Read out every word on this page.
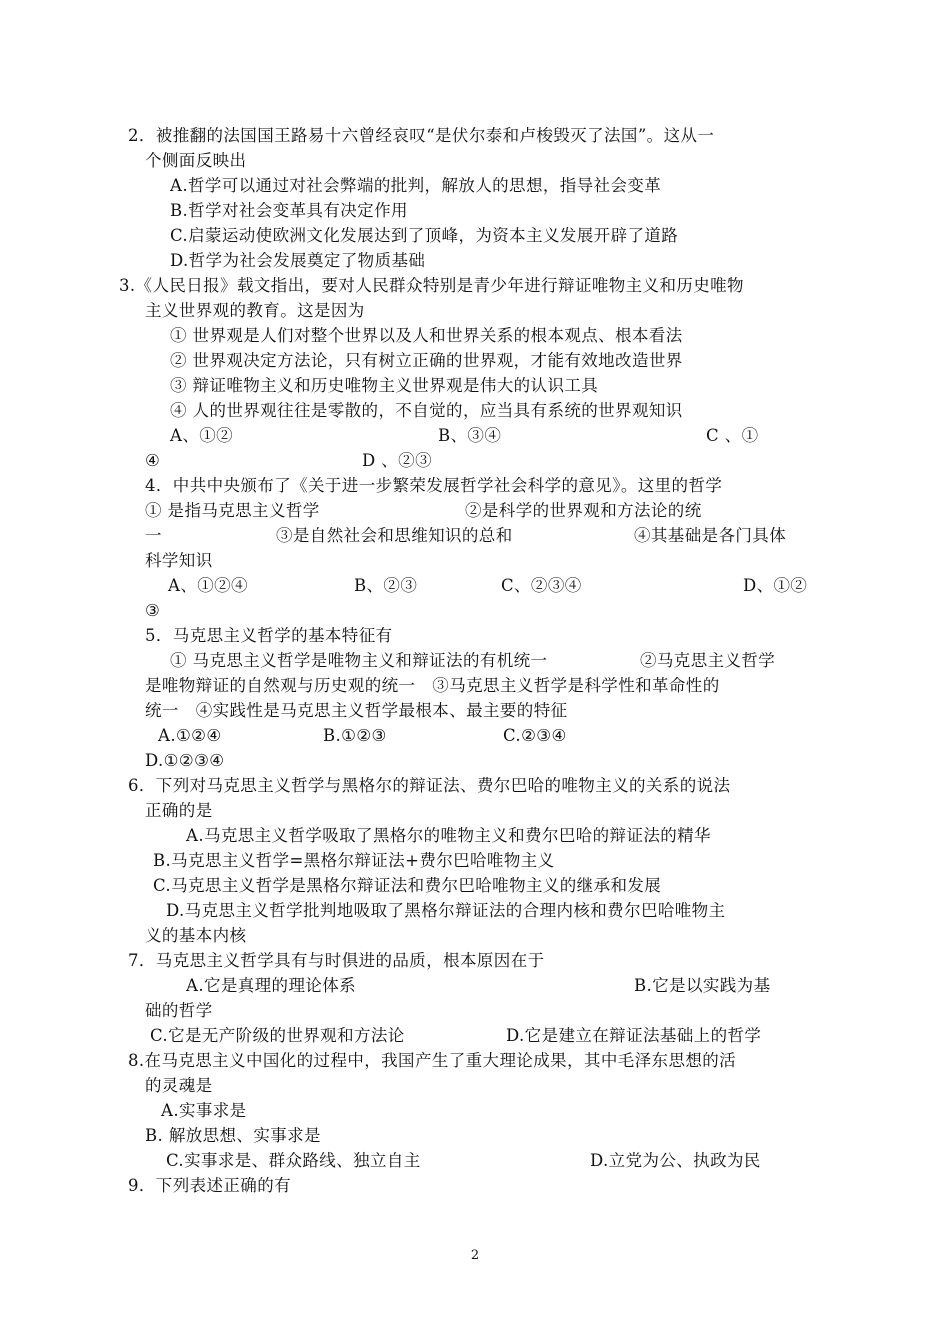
2．被推翻的法国国王路易十六曾经哀叹“是伏尔泰和卢梭毁灭了法国”。这从一

个侧面反映出

A.哲学可以通过对社会弊端的批判，解放人的思想，指导社会变革

B.哲学对社会变革具有决定作用

C.启蒙运动使欧洲文化发展达到了顶峰，为资本主义发展开辟了道路

D.哲学为社会发展奠定了物质基础

3.《人民日报》载文指出，要对人民群众特别是青少年进行辩证唯物主义和历史唯物

主义世界观的教育。这是因为

① 世界观是人们对整个世界以及人和世界关系的根本观点、根本看法

② 世界观决定方法论，只有树立正确的世界观，才能有效地改造世界

③ 辩证唯物主义和历史唯物主义世界观是伟大的认识工具

④ 人的世界观往往是零散的，不自觉的，应当具有系统的世界观知识

A、①②	B、③④	C 、①

④	D 、②③

4．中共中央颁布了《关于进一步繁荣发展哲学社会科学的意见》。这里的哲学

① 是指马克思主义哲学	②是科学的世界观和方法论的统

一	③是自然社会和思维知识的总和	④其基础是各门具体

科学知识

A、①②④	B、②③	C、②③④	D、①②

③

5．马克思主义哲学的基本特征有

① 马克思主义哲学是唯物主义和辩证法的有机统一	②马克思主义哲学

是唯物辩证的自然观与历史观的统一　③马克思主义哲学是科学性和革命性的

统一　④实践性是马克思主义哲学最根本、最主要的特征

A.①②④	B.①②③	C.②③④

D.①②③④

6．下列对马克思主义哲学与黑格尔的辩证法、费尔巴哈的唯物主义的关系的说法

正确的是

A.马克思主义哲学吸取了黑格尔的唯物主义和费尔巴哈的辩证法的精华

B.马克思主义哲学=黑格尔辩证法+费尔巴哈唯物主义

C.马克思主义哲学是黑格尔辩证法和费尔巴哈唯物主义的继承和发展

D.马克思主义哲学批判地吸取了黑格尔辩证法的合理内核和费尔巴哈唯物主

义的基本内核

7．马克思主义哲学具有与时俱进的品质，根本原因在于

A.它是真理的理论体系	B.它是以实践为基

础的哲学

C.它是无产阶级的世界观和方法论	D.它是建立在辩证法基础上的哲学

8.在马克思主义中国化的过程中，我国产生了重大理论成果，其中毛泽东思想的活

的灵魂是

A.实事求是

B. 解放思想、实事求是

C.实事求是、群众路线、独立自主	D.立党为公、执政为民

9．下列表述正确的有

2
